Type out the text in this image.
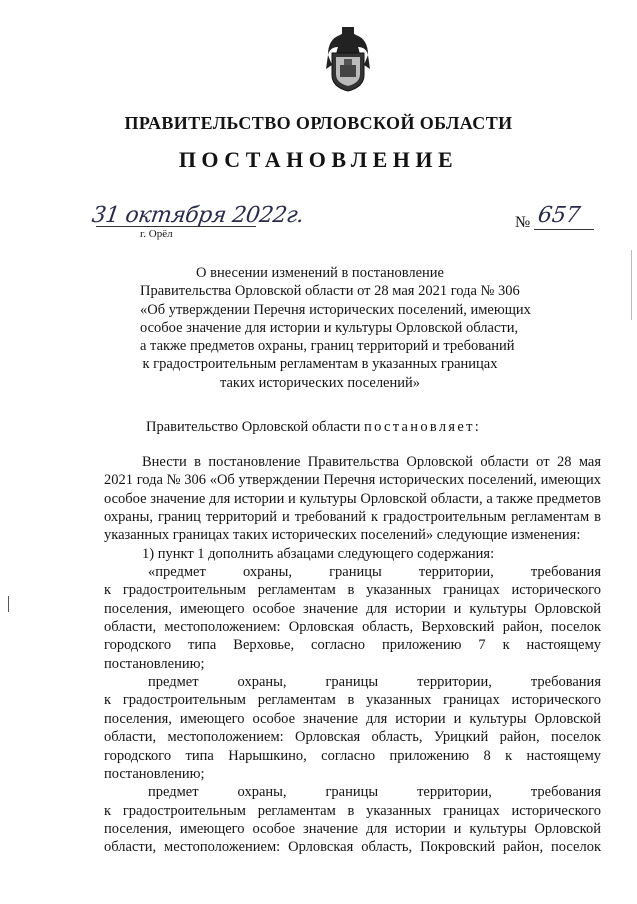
ПРАВИТЕЛЬСТВО ОРЛОВСКОЙ ОБЛАСТИ
ПОСТАНОВЛЕНИЕ
31 октября 2022г.
г. Орёл
№ 657
О внесении изменений в постановление
Правительства Орловской области от 28 мая 2021 года № 306
«Об утверждении Перечня исторических поселений, имеющих
особое значение для истории и культуры Орловской области,
а также предметов охраны, границ территорий и требований
к градостроительным регламентам в указанных границах
таких исторических поселений»
Правительство Орловской области постановляет:

Внести в постановление Правительства Орловской области от 28 мая 2021 года № 306 «Об утверждении Перечня исторических поселений, имеющих особое значение для истории и культуры Орловской области, а также предметов охраны, границ территорий и требований к градостроительным регламентам в указанных границах таких исторических поселений» следующие изменения:

1) пункт 1 дополнить абзацами следующего содержания:

«предмет охраны, границы территории, требования

к градостроительным регламентам в указанных границах исторического поселения, имеющего особое значение для истории и культуры Орловской области, местоположением: Орловская область, Верховский район, поселок городского типа Верховье, согласно приложению 7 к настоящему постановлению;

предмет охраны, границы территории, требования

к градостроительным регламентам в указанных границах исторического поселения, имеющего особое значение для истории и культуры Орловской области, местоположением: Орловская область, Урицкий район, поселок городского типа Нарышкино, согласно приложению 8 к настоящему постановлению;

предмет охраны, границы территории, требования

к градостроительным регламентам в указанных границах исторического поселения, имеющего особое значение для истории и культуры Орловской области, местоположением: Орловская область, Покровский район, поселок
